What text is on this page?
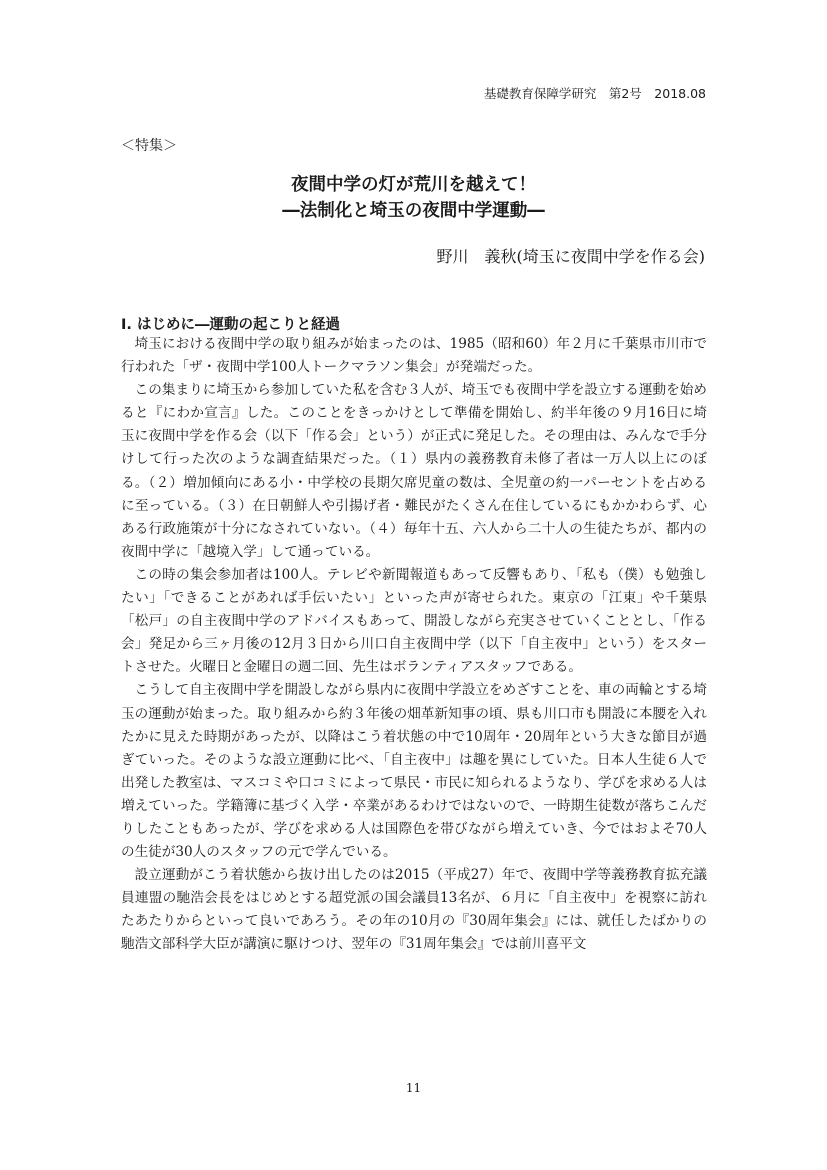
基礎教育保障学研究　第2号　2018.08
＜特集＞
夜間中学の灯が荒川を越えて！
―法制化と埼玉の夜間中学運動―
野川　義秋(埼玉に夜間中学を作る会)
Ⅰ. はじめに―運動の起こりと経過

埼玉における夜間中学の取り組みが始まったのは、1985（昭和60）年２月に千葉県市川市で行われた「ザ・夜間中学100人トークマラソン集会」が発端だった。

この集まりに埼玉から参加していた私を含む３人が、埼玉でも夜間中学を設立する運動を始めると『にわか宣言』した。このことをきっかけとして準備を開始し、約半年後の９月16日に埼玉に夜間中学を作る会（以下「作る会」という）が正式に発足した。その理由は、みんなで手分けして行った次のような調査結果だった。（１）県内の義務教育未修了者は一万人以上にのぼる。（２）増加傾向にある小・中学校の長期欠席児童の数は、全児童の約一パーセントを占めるに至っている。（３）在日朝鮮人や引揚げ者・難民がたくさん在住しているにもかかわらず、心ある行政施策が十分になされていない。（４）毎年十五、六人から二十人の生徒たちが、都内の夜間中学に「越境入学」して通っている。

この時の集会参加者は100人。テレビや新聞報道もあって反響もあり、「私も（僕）も勉強したい」「できることがあれば手伝いたい」といった声が寄せられた。東京の「江東」や千葉県「松戸」の自主夜間中学のアドバイスもあって、開設しながら充実させていくこととし、「作る会」発足から三ヶ月後の12月３日から川口自主夜間中学（以下「自主夜中」という）をスタートさせた。火曜日と金曜日の週二回、先生はボランティアスタッフである。

こうして自主夜間中学を開設しながら県内に夜間中学設立をめざすことを、車の両輪とする埼玉の運動が始まった。取り組みから約３年後の畑革新知事の頃、県も川口市も開設に本腰を入れたかに見えた時期があったが、以降はこう着状態の中で10周年・20周年という大きな節目が過ぎていった。そのような設立運動に比べ、「自主夜中」は趣を異にしていた。日本人生徒６人で出発した教室は、マスコミや口コミによって県民・市民に知られるようなり、学びを求める人は増えていった。学籍簿に基づく入学・卒業があるわけではないので、一時期生徒数が落ちこんだりしたこともあったが、学びを求める人は国際色を帯びながら増えていき、今ではおよそ70人の生徒が30人のスタッフの元で学んでいる。

設立運動がこう着状態から抜け出したのは2015（平成27）年で、夜間中学等義務教育拡充議員連盟の馳浩会長をはじめとする超党派の国会議員13名が、６月に「自主夜中」を視察に訪れたあたりからといって良いであろう。その年の10月の『30周年集会』には、就任したばかりの馳浩文部科学大臣が講演に駆けつけ、翌年の『31周年集会』では前川喜平文

11
